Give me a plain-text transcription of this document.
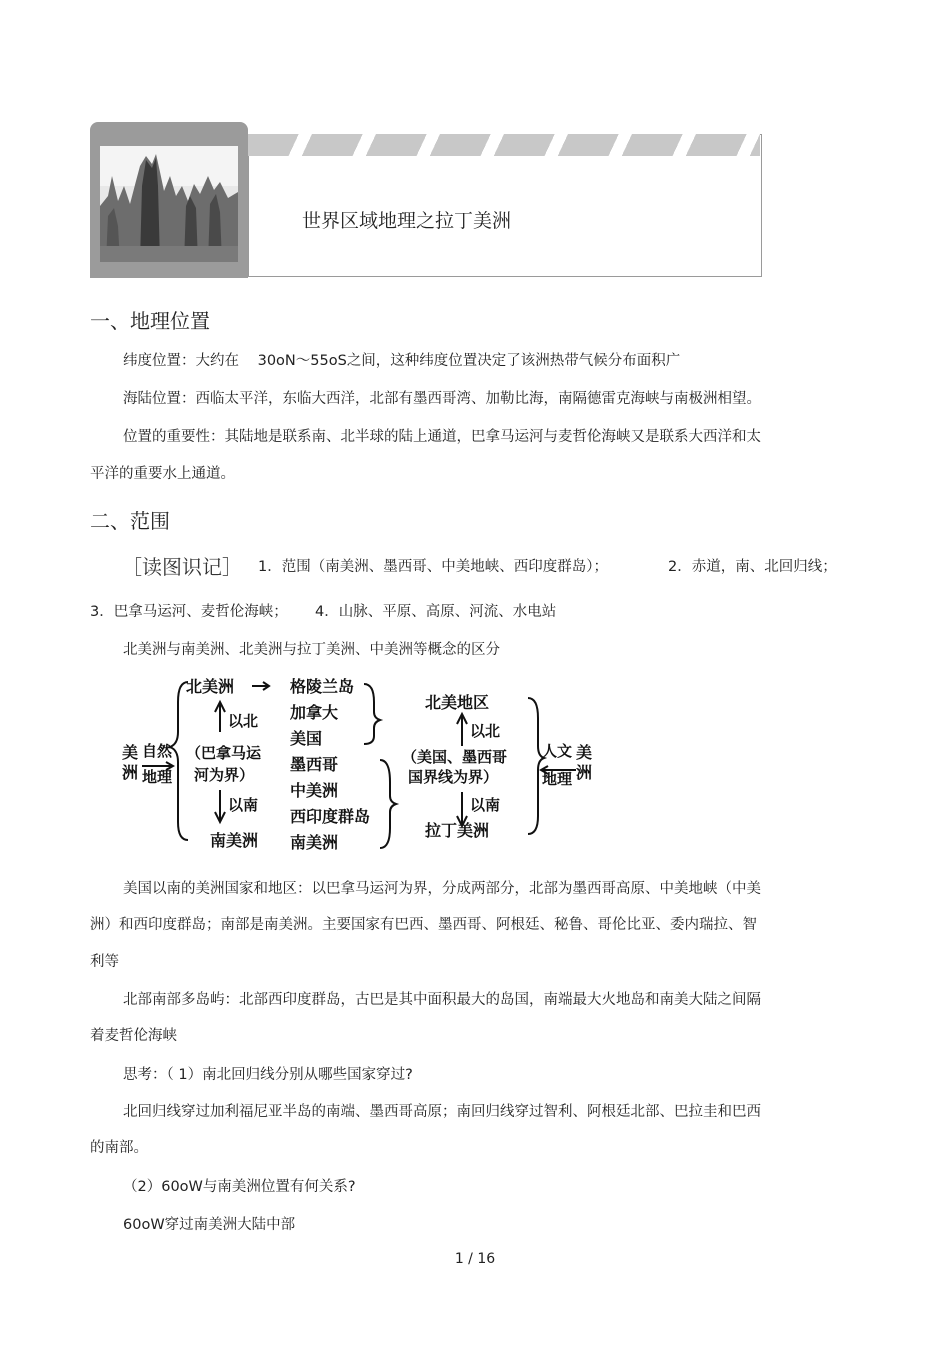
世界区域地理之拉丁美洲
一、地理位置
纬度位置：大约在 30oN～55oS之间，这种纬度位置决定了该洲热带气候分布面积广
海陆位置：西临太平洋，东临大西洋，北部有墨西哥湾、加勒比海，南隔德雷克海峡与南极洲相望。
位置的重要性：其陆地是联系南、北半球的陆上通道，巴拿马运河与麦哲伦海峡又是联系大西洋和太
平洋的重要水上通道。
二、范围
［读图识记］ 1．范围（南美洲、墨西哥、中美地峡、西印度群岛）；	2．赤道，南、北回归线；
3．巴拿马运河、麦哲伦海峡； 4．山脉、平原、高原、河流、水电站
北美洲与南美洲、北美洲与拉丁美洲、中美洲等概念的区分
北美洲
以北
美
洲
自然
地理
（巴拿马运
河为界）
以南
南美洲
格陵兰岛
加拿大
美国
墨西哥
中美洲
西印度群岛
南美洲
北美地区
以北
（美国、墨西哥
国界线为界）
以南
拉丁美洲
人文
地理
美
洲
美国以南的美洲国家和地区：以巴拿马运河为界，分成两部分，北部为墨西哥高原、中美地峡（中美
洲）和西印度群岛；南部是南美洲。主要国家有巴西、墨西哥、阿根廷、秘鲁、哥伦比亚、委内瑞拉、智
利等
北部南部多岛屿：北部西印度群岛，古巴是其中面积最大的岛国，南端最大火地岛和南美大陆之间隔
着麦哲伦海峡
思考：（ 1）南北回归线分别从哪些国家穿过?
北回归线穿过加利福尼亚半岛的南端、墨西哥高原；南回归线穿过智利、阿根廷北部、巴拉圭和巴西
的南部。
（2）60oW与南美洲位置有何关系?
60oW穿过南美洲大陆中部
1 / 16
